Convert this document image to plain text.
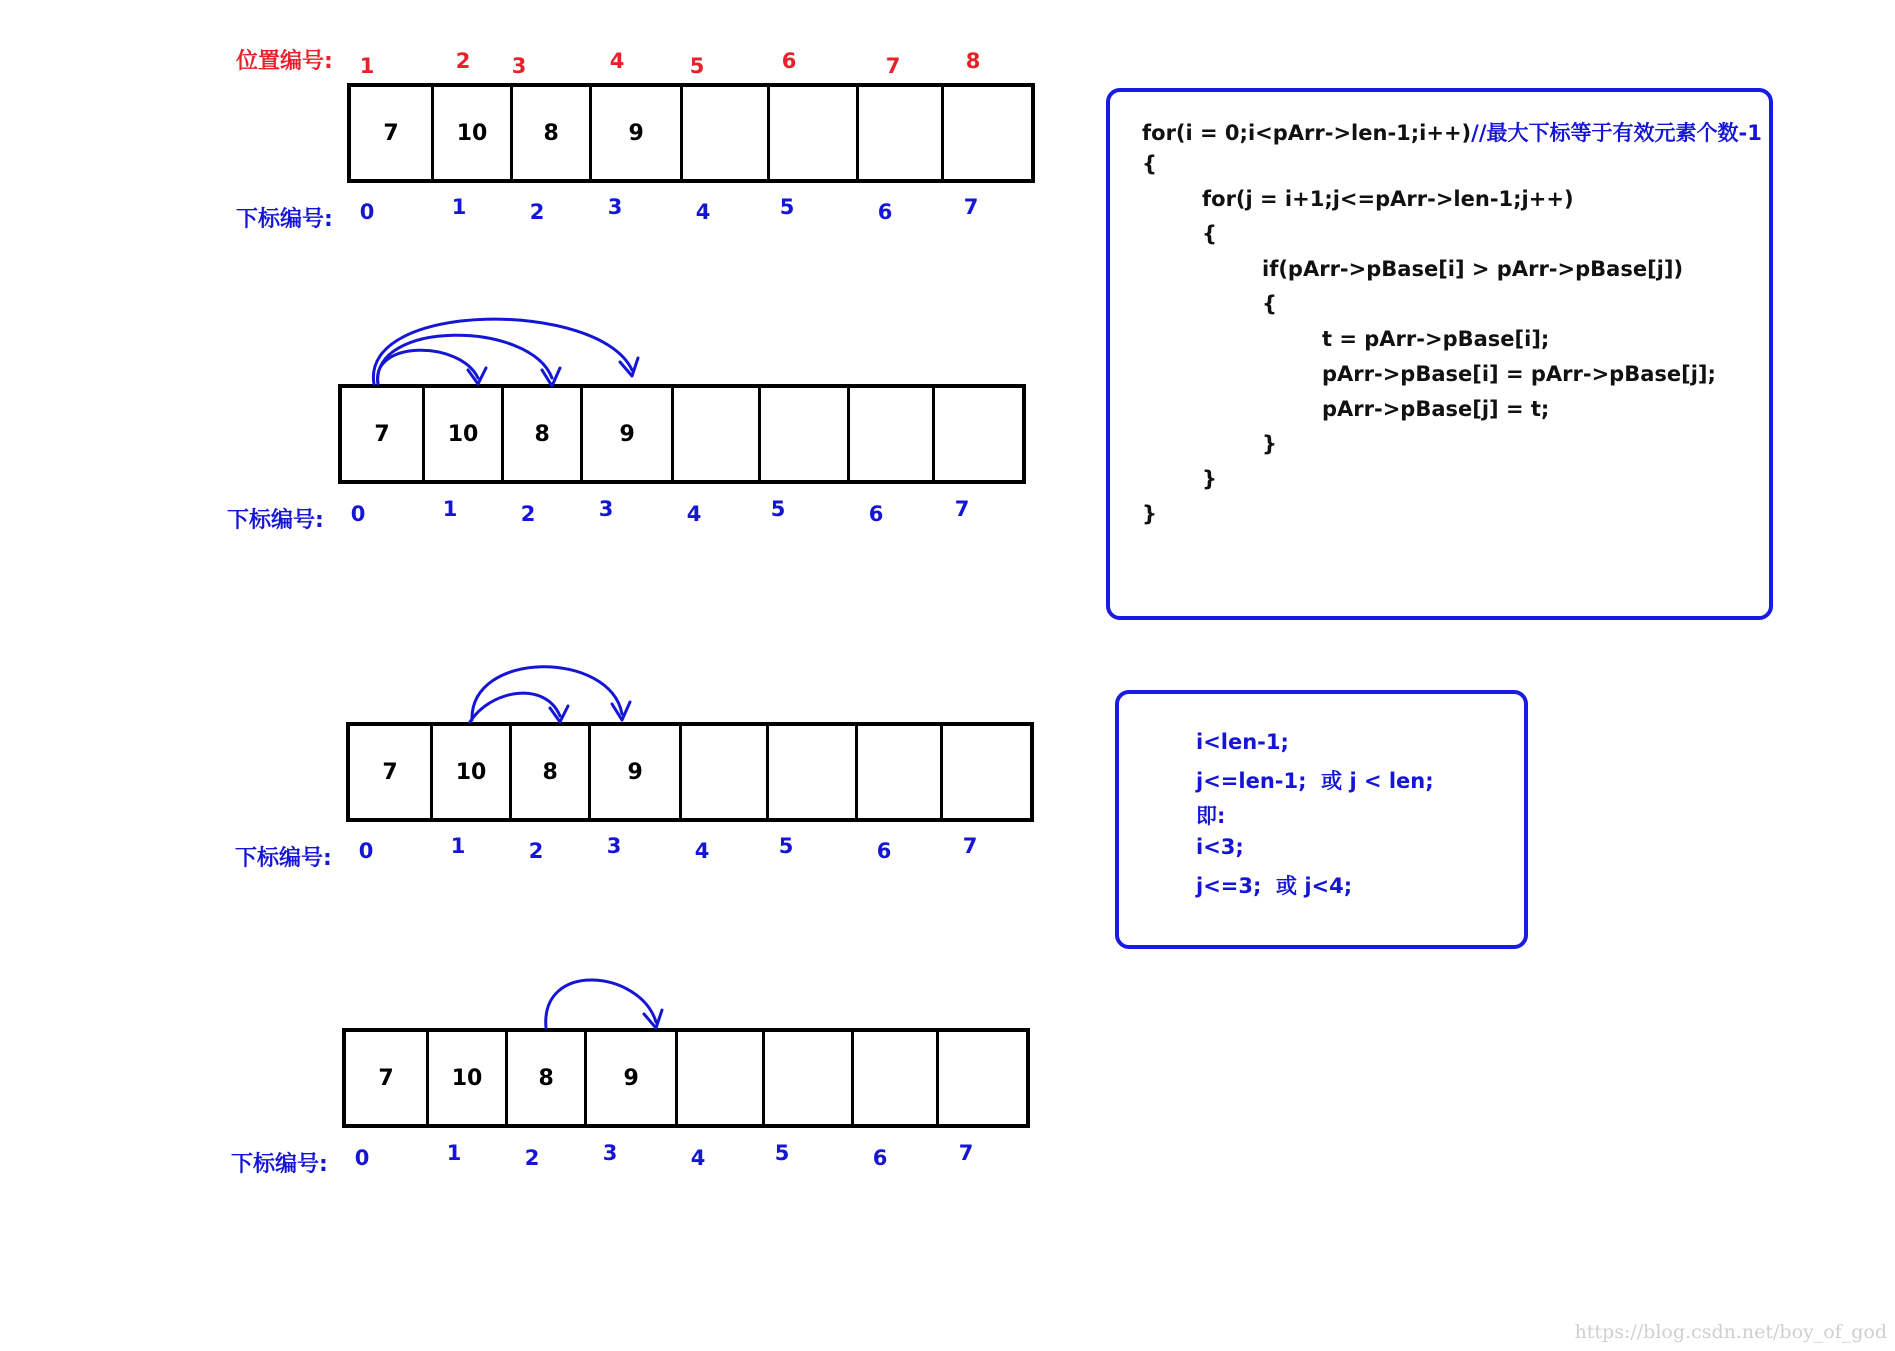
位置编号: 1	2 3	4	5	6	7	8
7	10	8	9
下标编号: 0	1	2	3	4	5	6	7
7	10	8	9
下标编号: 0	1	2	3	4	5	6	7
7	10	8	9
下标编号: 0	1	2	3	4	5	6	7
7	10	8	9
下标编号: 0	1	2	3	4	5	6	7
for(i = 0;i<pArr->len-1;i++)//最大下标等于有效元素个数-1
{
for(j = i+1;j<=pArr->len-1;j++)
{
if(pArr->pBase[i] > pArr->pBase[j])
{
t = pArr->pBase[i];
pArr->pBase[i] = pArr->pBase[j];
pArr->pBase[j] = t;
}
}
}
i<len-1;
j<=len-1;  或 j < len;
即:
i<3;
j<=3;  或 j<4;
https://blog.csdn.net/boy_of_god
